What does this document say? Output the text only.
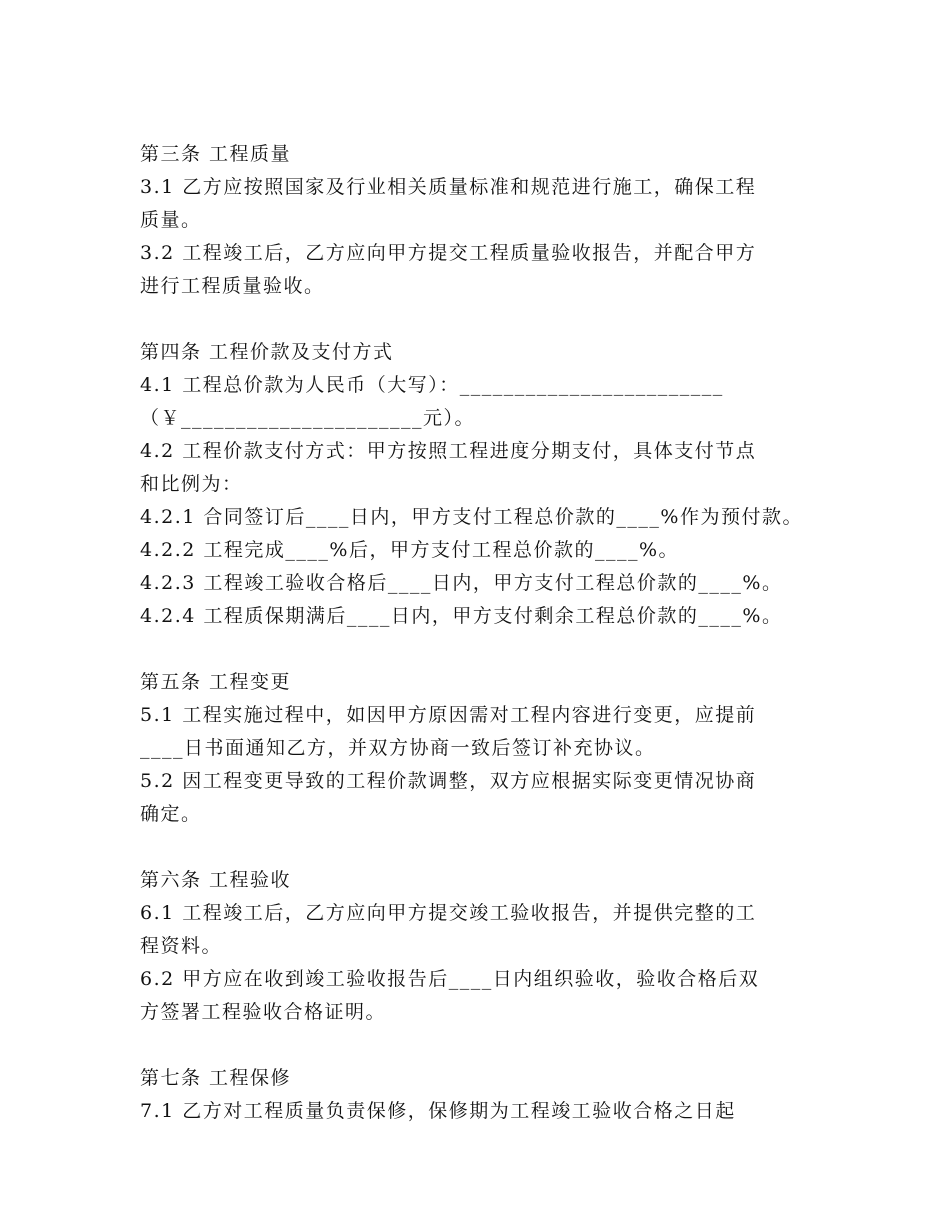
第三条 工程质量
3.1 乙方应按照国家及行业相关质量标准和规范进行施工，确保工程
质量。
3.2 工程竣工后，乙方应向甲方提交工程质量验收报告，并配合甲方
进行工程质量验收。
第四条 工程价款及支付方式
4.1 工程总价款为人民币（大写）：________________________
（￥______________________元）。
4.2 工程价款支付方式：甲方按照工程进度分期支付，具体支付节点
和比例为：
4.2.1 合同签订后____日内，甲方支付工程总价款的____%作为预付款。
4.2.2 工程完成____%后，甲方支付工程总价款的____%。
4.2.3 工程竣工验收合格后____日内，甲方支付工程总价款的____%。
4.2.4 工程质保期满后____日内，甲方支付剩余工程总价款的____%。
第五条 工程变更
5.1 工程实施过程中，如因甲方原因需对工程内容进行变更，应提前
____日书面通知乙方，并双方协商一致后签订补充协议。
5.2 因工程变更导致的工程价款调整，双方应根据实际变更情况协商
确定。
第六条 工程验收
6.1 工程竣工后，乙方应向甲方提交竣工验收报告，并提供完整的工
程资料。
6.2 甲方应在收到竣工验收报告后____日内组织验收，验收合格后双
方签署工程验收合格证明。
第七条 工程保修
7.1 乙方对工程质量负责保修，保修期为工程竣工验收合格之日起
